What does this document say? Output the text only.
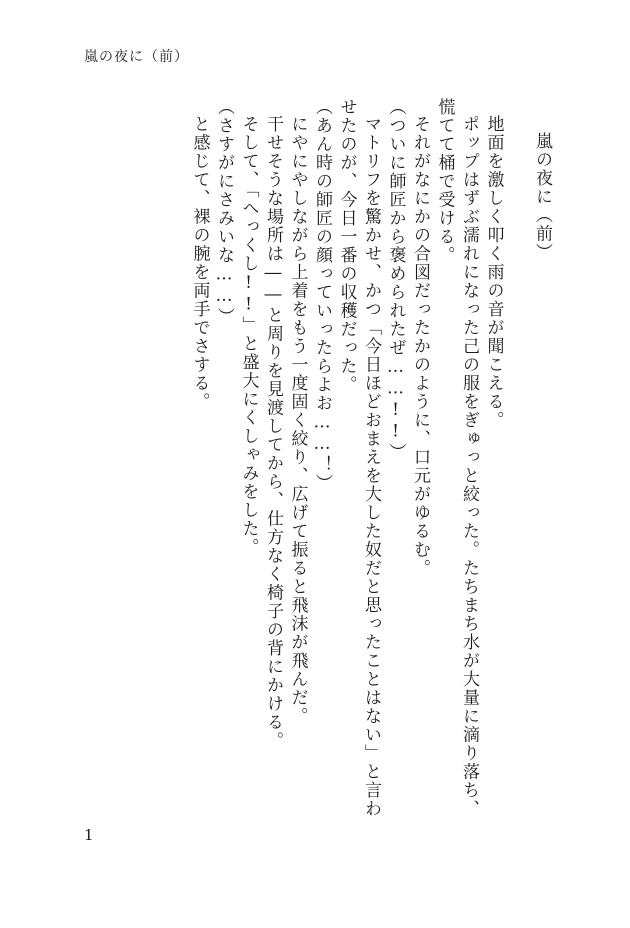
嵐の夜に（前）
嵐の夜に（前）

地面を激しく叩く雨の音が聞こえる。

ポップはずぶ濡れになった己の服をぎゅっと絞った。たちまち水が大量に滴り落ち、慌てて桶で受ける。

それがなにかの合図だったかのように、口元がゆるむ。

（ついに師匠から褒められたぜ……!!）

マトリフを驚かせ、かつ「今日ほどおまえを大した奴だと思ったことはない」と言わせたのが、今日一番の収穫だった。

（あん時の師匠の顔っていったらよお……！）

にやにやしながら上着をもう一度固く絞り、広げて振ると飛沫が飛んだ。

干せそうな場所は――と周りを見渡してから、仕方なく椅子の背にかける。

そして、「へっくし!!」と盛大にくしゃみをした。

（さすがにさみいな……）

と感じて、裸の腕を両手でさする。

1
